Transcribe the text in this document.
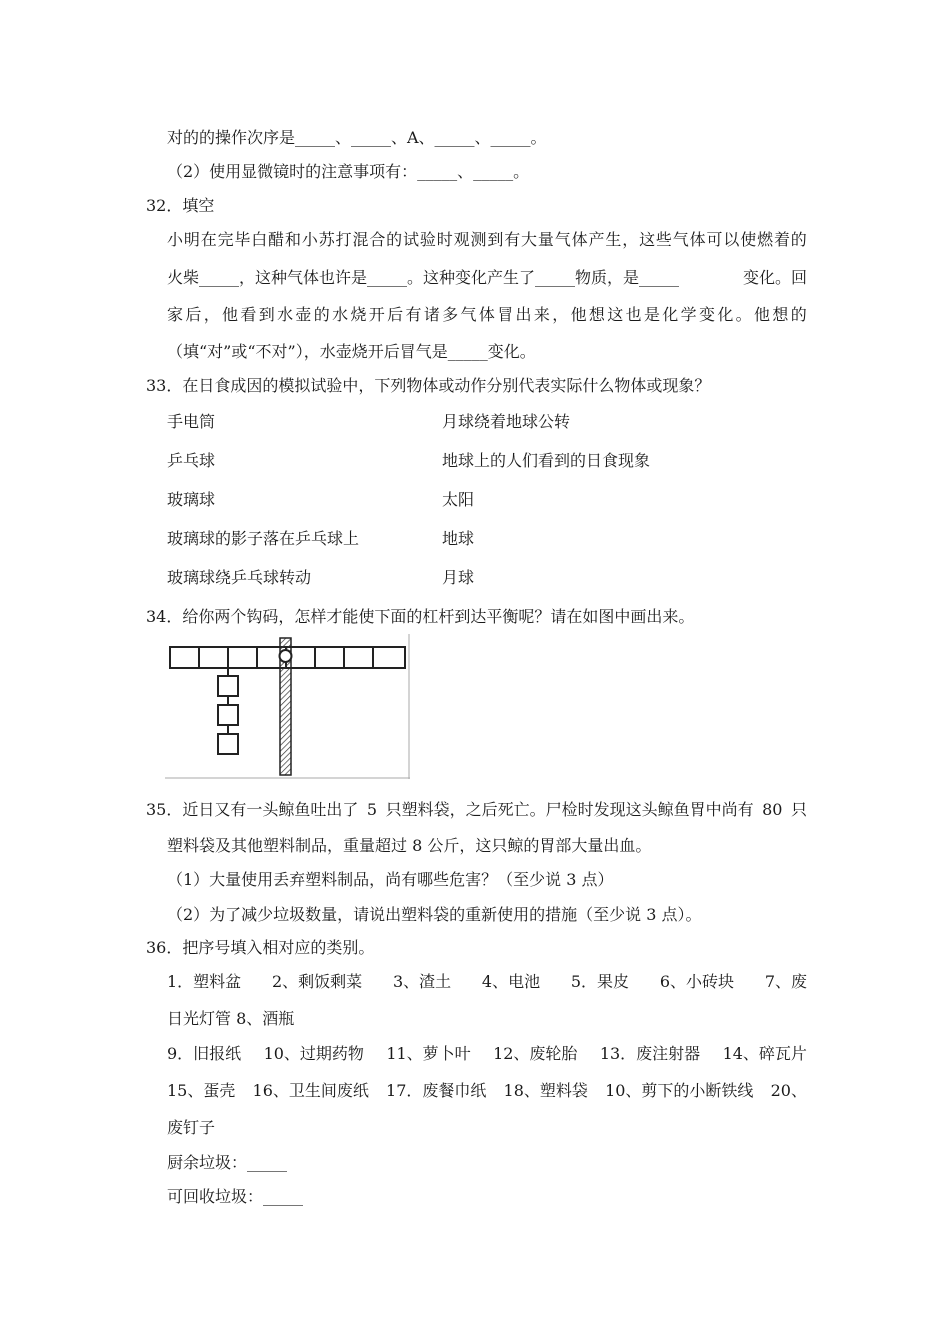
对的的操作次序是_____、_____、A、_____、_____。
（2）使用显微镜时的注意事项有：_____、_____。
32．填空
小 明 在 完 毕 白 醋 和 小 苏 打 混 合 的 试 验 时 观 测 到 有 大 量 气 体 产 生 ， 这 些 气 体 可 以 使 燃 着 的
火柴_____，这种气体也许是_____。这种变化产生了_____物质，是_____	变化。回
家 后 ， 他 看 到 水 壶 的 水 烧 开 后 有 诸 多 气 体 冒 出 来 ， 他 想 这 也 是 化 学 变 化 。 他 想 的
（填“对”或“不对”），水壶烧开后冒气是_____变化。
33．在日食成因的模拟试验中，下列物体或动作分别代表实际什么物体或现象？
手电筒	月球绕着地球公转
乒乓球	地球上的人们看到的日食现象
玻璃球	太阳
玻璃球的影子落在乒乓球上	地球
玻璃球绕乒乓球转动	月球
34．给你两个钩码，怎样才能使下面的杠杆到达平衡呢？请在如图中画出来。
35．近日又有一头鲸鱼吐出了 5 只塑料袋，之后死亡。尸检时发现这头鲸鱼胃中尚有 80 只
塑料袋及其他塑料制品，重量超过 8 公斤，这只鲸的胃部大量出血。
（1）大量使用丢弃塑料制品，尚有哪些危害？（至少说 3 点）
（2）为了减少垃圾数量，请说出塑料袋的重新使用的措施（至少说 3 点）。
36．把序号填入相对应的类别。
1．塑料盆 2、剩饭剩菜 3、渣土 4、电池 5．果皮 6、小砖块 7、废
日光灯管 8、酒瓶
9．旧报纸 10、过期药物 11、萝卜叶 12、废轮胎 13．废注射器 14、碎瓦片
15、蛋壳 16、卫生间废纸 17．废餐巾纸 18、塑料袋 10、剪下的小断铁线 20、
废钉子
厨余垃圾：_____
可回收垃圾：_____
